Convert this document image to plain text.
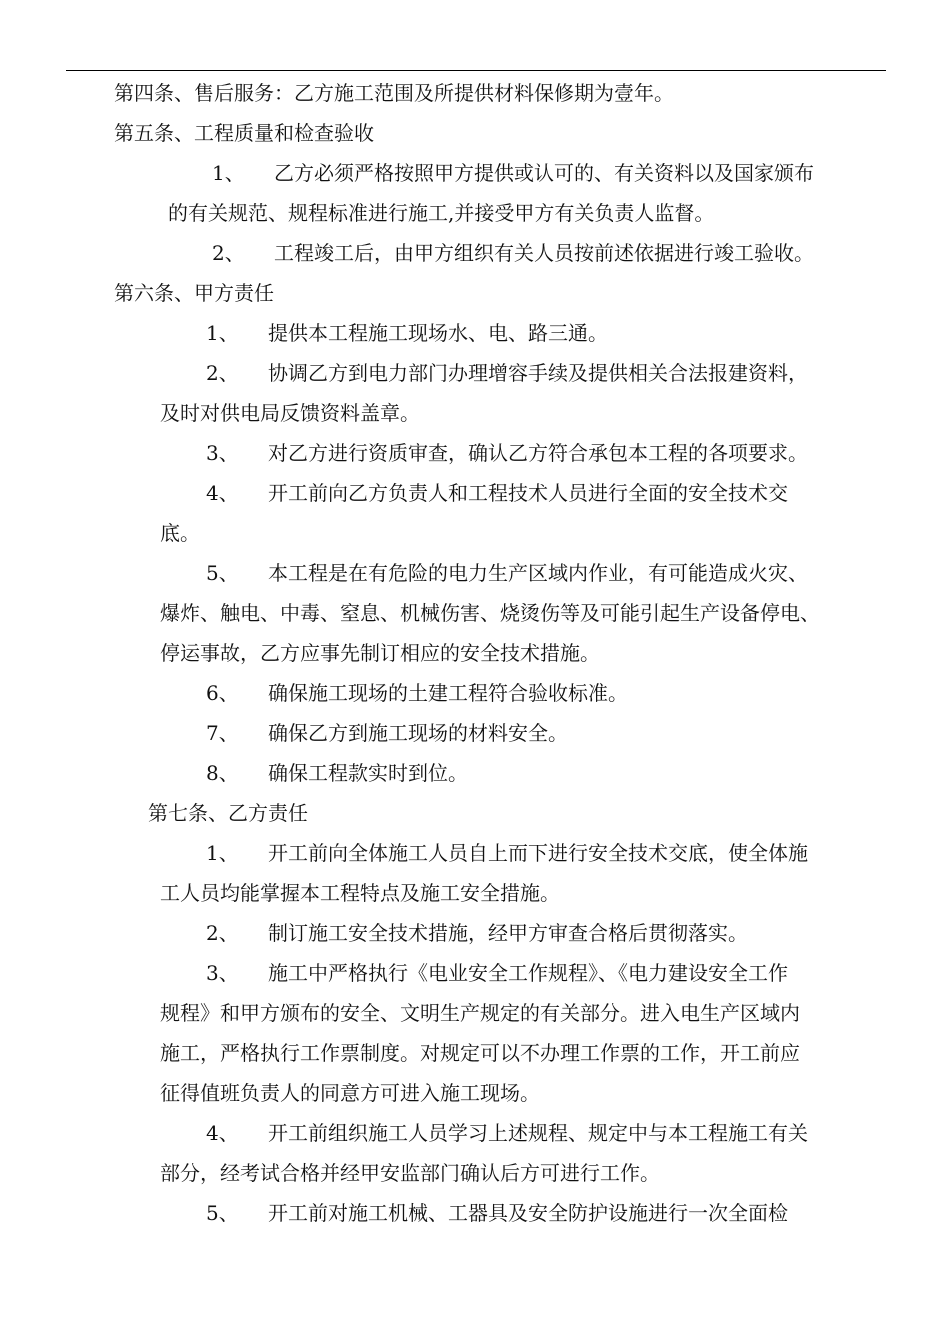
第四条、售后服务：乙方施工范围及所提供材料保修期为壹年。
第五条、工程质量和检查验收
1、 乙方必须严格按照甲方提供或认可的、有关资料以及国家颁布
的有关规范、规程标准进行施工,并接受甲方有关负责人监督。
2、 工程竣工后，由甲方组织有关人员按前述依据进行竣工验收。
第六条、甲方责任
1、 提供本工程施工现场水、电、路三通。
2、 协调乙方到电力部门办理增容手续及提供相关合法报建资料，
及时对供电局反馈资料盖章。
3、 对乙方进行资质审查，确认乙方符合承包本工程的各项要求。
4、 开工前向乙方负责人和工程技术人员进行全面的安全技术交
底。
5、 本工程是在有危险的电力生产区域内作业，有可能造成火灾、
爆炸、触电、中毒、窒息、机械伤害、烧烫伤等及可能引起生产设备停电、
停运事故，乙方应事先制订相应的安全技术措施。
6、 确保施工现场的土建工程符合验收标准。
7、 确保乙方到施工现场的材料安全。
8、 确保工程款实时到位。
第七条、乙方责任
1、 开工前向全体施工人员自上而下进行安全技术交底，使全体施
工人员均能掌握本工程特点及施工安全措施。
2、 制订施工安全技术措施，经甲方审查合格后贯彻落实。
3、 施工中严格执行《电业安全工作规程》、《电力建设安全工作
规程》和甲方颁布的安全、文明生产规定的有关部分。进入电生产区域内
施工，严格执行工作票制度。对规定可以不办理工作票的工作，开工前应
征得值班负责人的同意方可进入施工现场。
4、 开工前组织施工人员学习上述规程、规定中与本工程施工有关
部分，经考试合格并经甲安监部门确认后方可进行工作。
5、 开工前对施工机械、工器具及安全防护设施进行一次全面检
